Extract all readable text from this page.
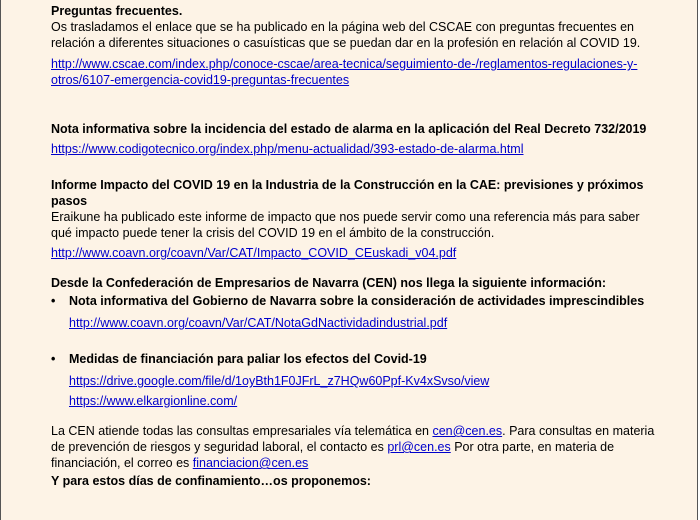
Preguntas frecuentes.

Os trasladamos el enlace que se ha publicado en la página web del CSCAE con preguntas frecuentes en relación a diferentes situaciones o casuísticas que se puedan dar en la profesión en relación al COVID 19.

http://www.cscae.com/index.php/conoce-cscae/area-tecnica/seguimiento-de-/reglamentos-regulaciones-y-otros/6107-emergencia-covid19-preguntas-frecuentes

Nota informativa sobre la incidencia del estado de alarma en la aplicación del Real Decreto 732/2019

https://www.codigotecnico.org/index.php/menu-actualidad/393-estado-de-alarma.html

Informe Impacto del COVID 19 en la Industria de la Construcción en la CAE: previsiones y próximos pasos

Eraikune ha publicado este informe de impacto que nos puede servir como una referencia más para saber qué impacto puede tener la crisis del COVID 19 en el ámbito de la construcción.

http://www.coavn.org/coavn/Var/CAT/Impacto_COVID_CEuskadi_v04.pdf

Desde la Confederación de Empresarios de Navarra (CEN) nos llega la siguiente información:

• Nota informativa del Gobierno de Navarra sobre la consideración de actividades imprescindibles

http://www.coavn.org/coavn/Var/CAT/NotaGdNactividadindustrial.pdf

• Medidas de financiación para paliar los efectos del Covid-19

https://drive.google.com/file/d/1oyBth1F0JFrL_z7HQw60Ppf-Kv4xSvso/view

https://www.elkargionline.com/

La CEN atiende todas las consultas empresariales vía telemática en cen@cen.es. Para consultas en materia de prevención de riesgos y seguridad laboral, el contacto es prl@cen.es Por otra parte, en materia de financiación, el correo es financiacion@cen.es

Y para estos días de confinamiento…os proponemos:
